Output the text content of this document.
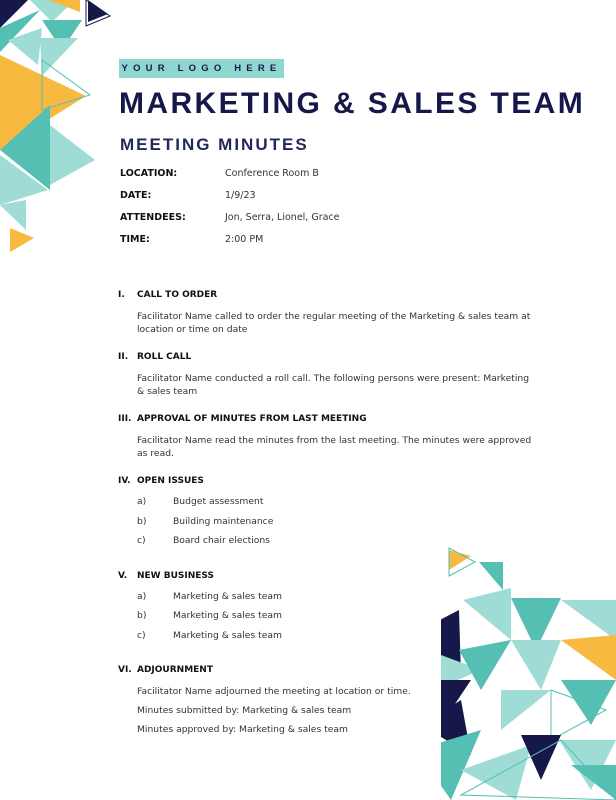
YOUR LOGO HERE
MARKETING & SALES TEAM
MEETING MINUTES
LOCATION:	Conference Room B
DATE:	1/9/23
ATTENDEES:	Jon, Serra, Lionel, Grace
TIME:	2:00 PM
I. CALL TO ORDER

Facilitator Name called to order the regular meeting of the Marketing & sales team at location or time on date

II. ROLL CALL

Facilitator Name conducted a roll call. The following persons were present: Marketing & sales team

III. APPROVAL OF MINUTES FROM LAST MEETING

Facilitator Name read the minutes from the last meeting. The minutes were approved as read.

IV. OPEN ISSUES
a)	Budget assessment
b)	Building maintenance
c)	Board chair elections
V. NEW BUSINESS
a)	Marketing & sales team
b)	Marketing & sales team
c)	Marketing & sales team
VI. ADJOURNMENT

Facilitator Name adjourned the meeting at location or time.

Minutes submitted by: Marketing & sales team

Minutes approved by: Marketing & sales team
